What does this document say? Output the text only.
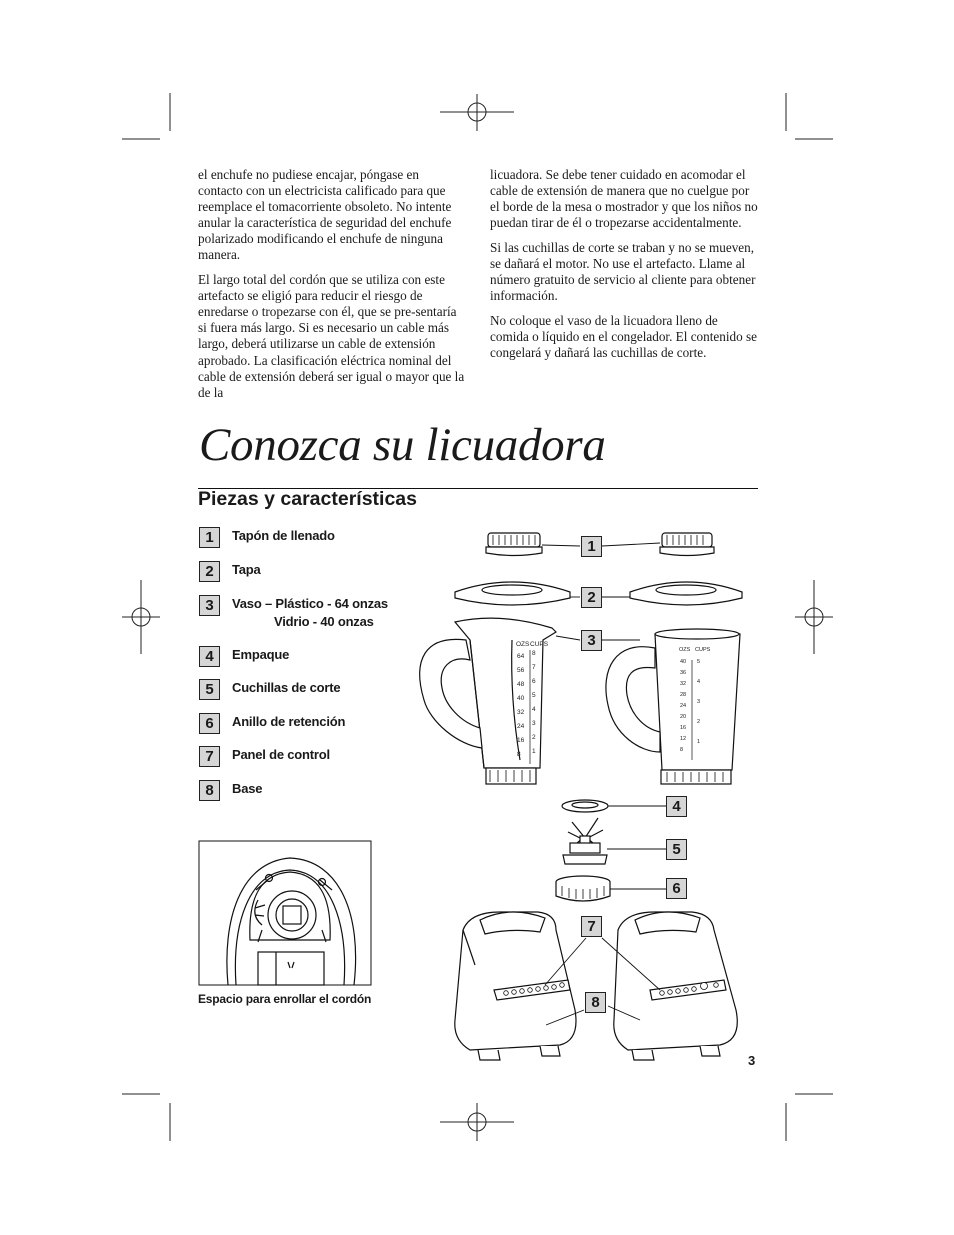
el enchufe no pudiese encajar, póngase en contacto con un electricista calificado para que reemplace el tomacorriente obsoleto. No intente anular la característica de seguridad del enchufe polarizado modificando el enchufe de ninguna manera.

El largo total del cordón que se utiliza con este artefacto se eligió para reducir el riesgo de enredarse o tropezarse con él, que se pre-sentaría si fuera más largo. Si es necesario un cable más largo, deberá utilizarse un cable de extensión aprobado. La clasificación eléctrica nominal del cable de extensión deberá ser igual o mayor que la de la

licuadora. Se debe tener cuidado en acomodar el cable de extensión de manera que no cuelgue por el borde de la mesa o mostrador y que los niños no puedan tirar de él o tropezarse accidentalmente.

Si las cuchillas de corte se traban y no se mueven, se dañará el motor. No use el artefacto. Llame al número gratuito de servicio al cliente para obtener información.

No coloque el vaso de la licuadora lleno de comida o líquido en el congelador. El contenido se congelará y dañará las cuchillas de corte.

Conozca su licuadora
Piezas y características
1	Tapón de llenado
2	Tapa
3	Vaso – Plástico - 64 onzas
Vidrio - 40 onzas
4	Empaque
5	Cuchillas de corte
6	Anillo de retención
7	Panel de control
8	Base
Espacio para enrollar el cordón
OZS CUPS
64
56
48
40
32
24
16
8
8
7
6
5
4
3
2
1
OZS CUPS
40
36
32
28
24
20
16
12
8
5
4
3
2
1
1
2
3
4
5
6
7
8
3
